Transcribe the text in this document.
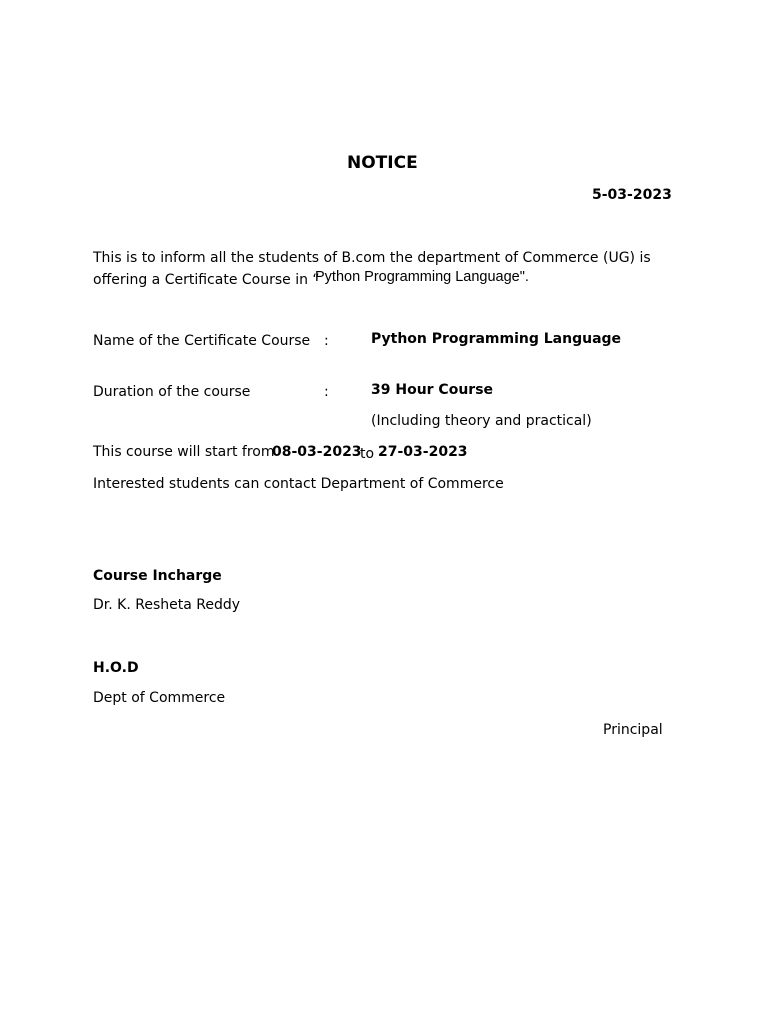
NOTICE
5-03-2023
This is to inform all the students of B.com the department of Commerce (UG) is
offering a Certificate Course in “
Python Programming Language".
Name of the Certificate Course :	Python Programming Language
Duration of the course	:	39 Hour Course
(Including theory and practical)
This course will start from
08-03-2023
to 27-03-2023
Interested students can contact Department of Commerce
Course Incharge
Dr. K. Resheta Reddy
H.O.D
Dept of Commerce
Principal
